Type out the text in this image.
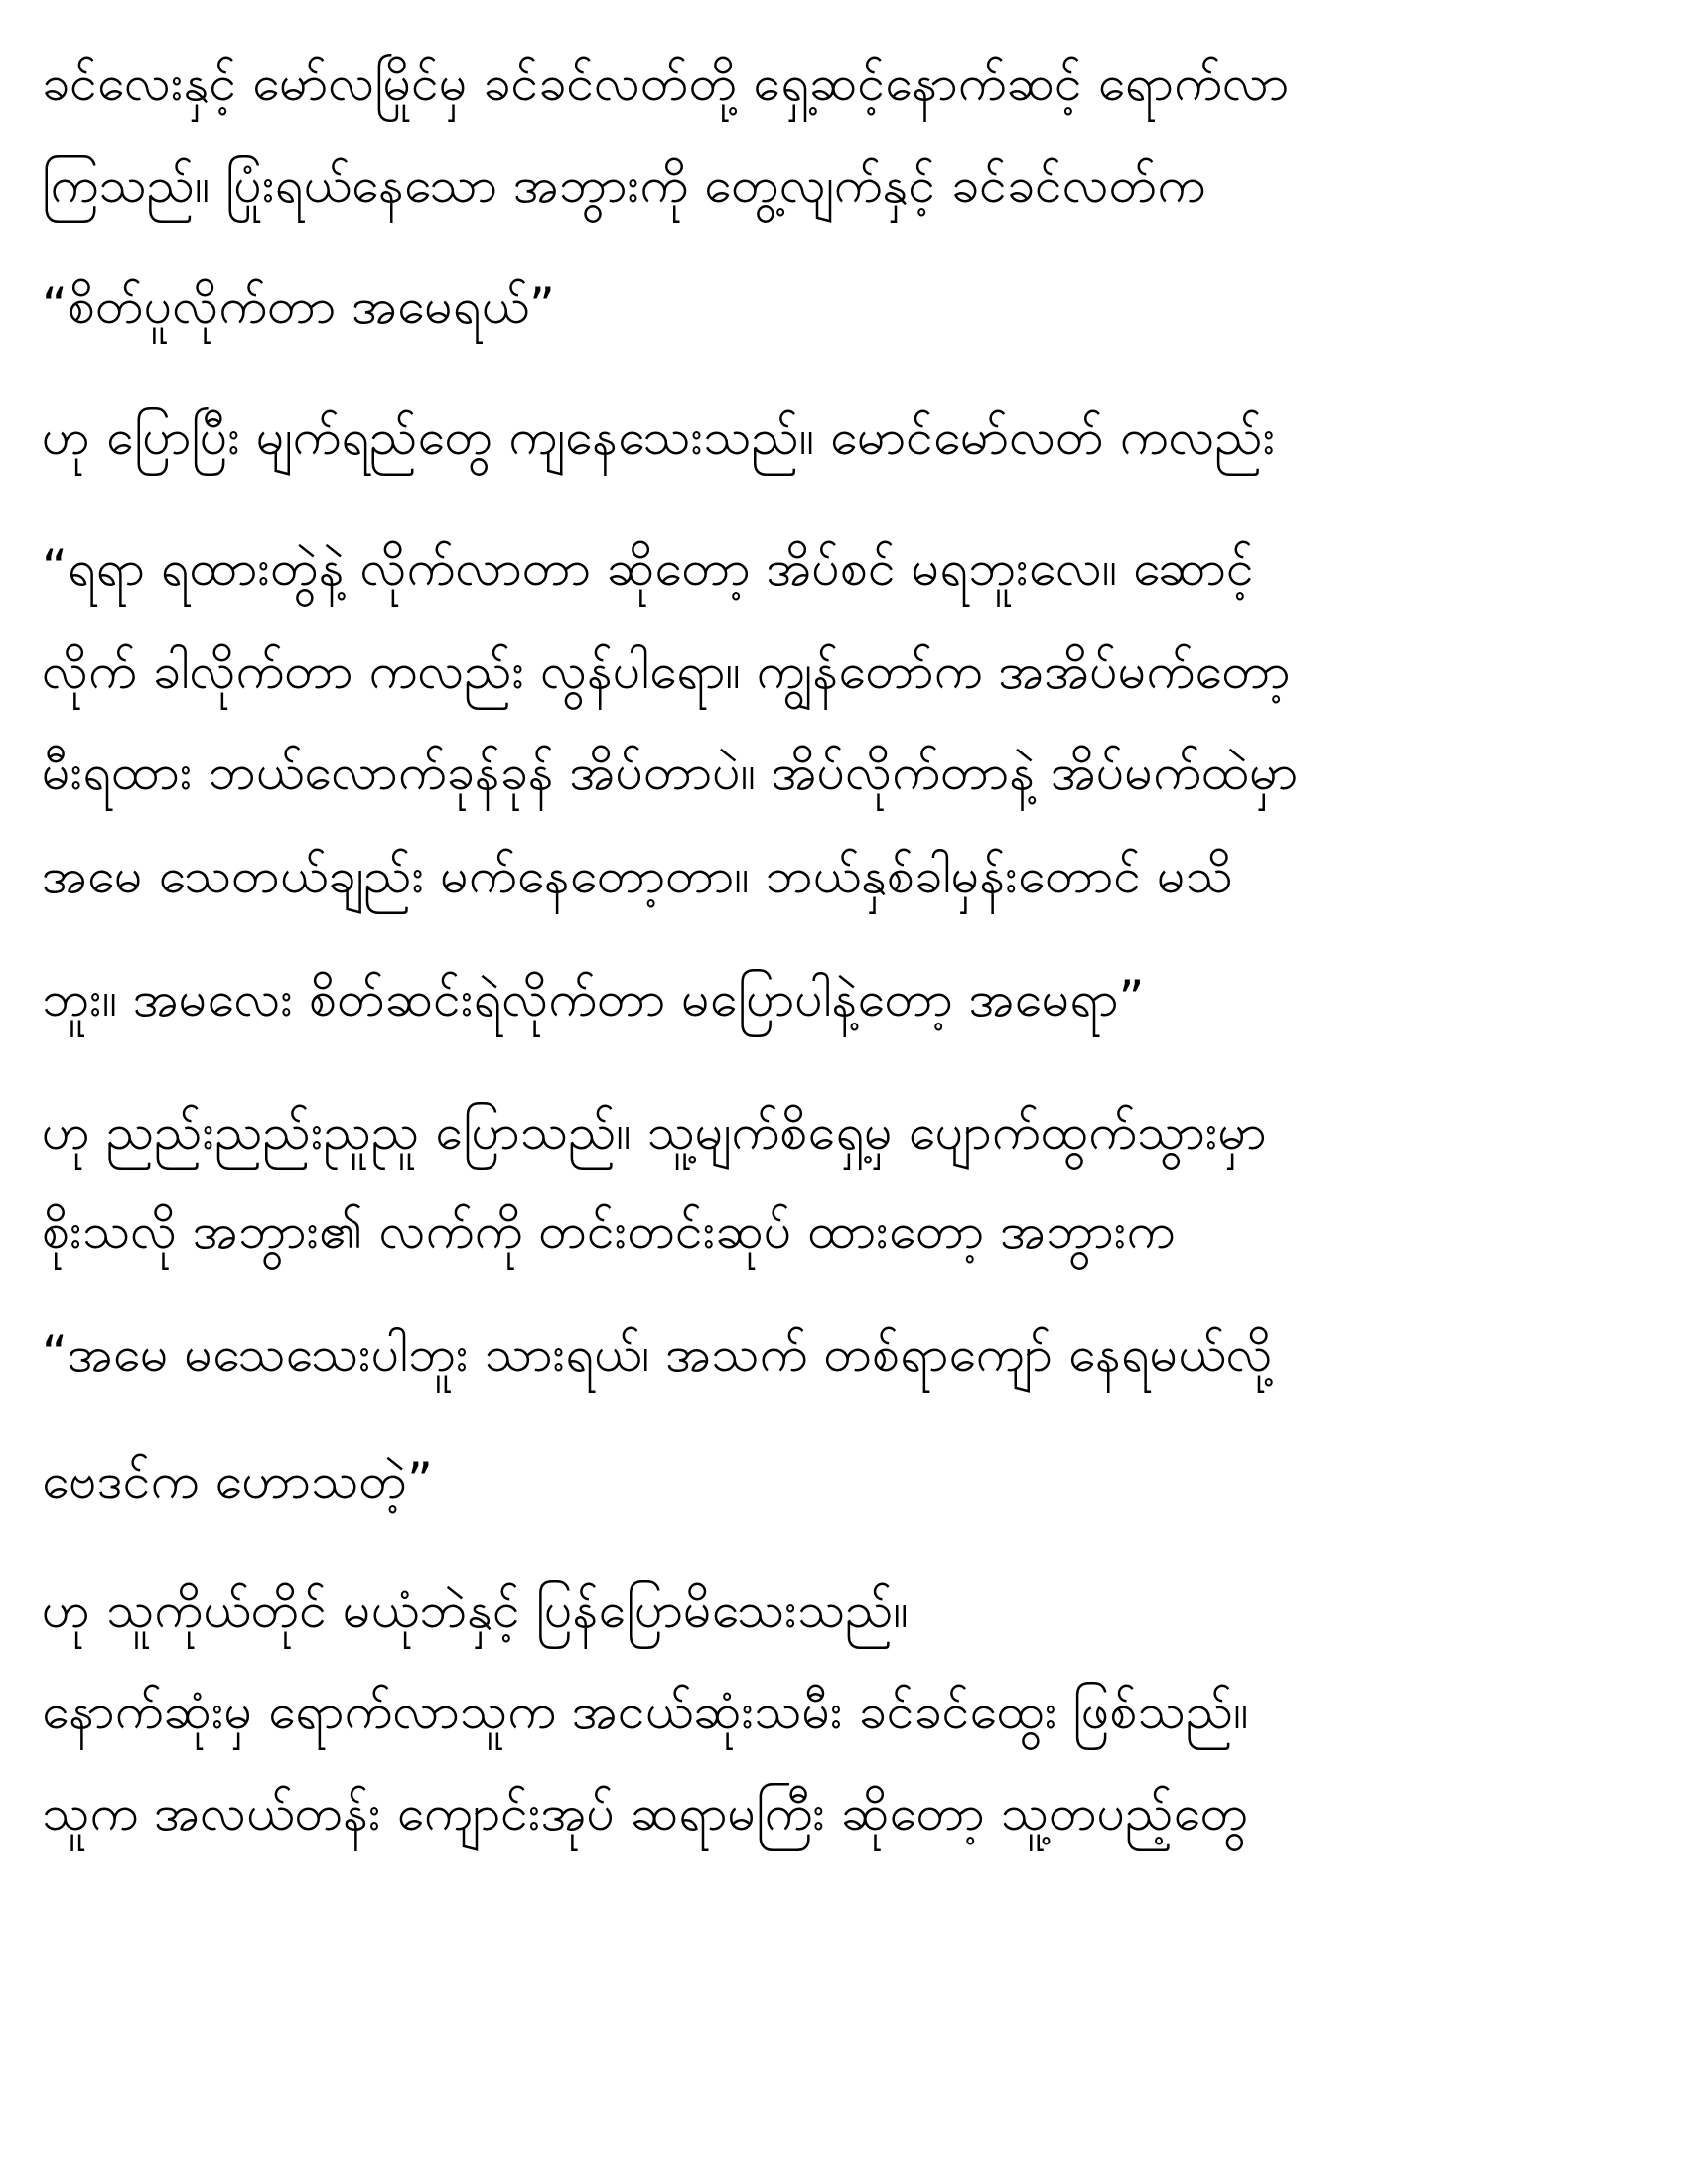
ခင်လေးနှင့် မော်လမြိုင်မှ ခင်ခင်လတ်တို့ ရှေ့ဆင့်နောက်ဆင့် ရောက်လာ
ကြသည်။ ပြုံးရယ်နေသော အဘွားကို တွေ့လျက်နှင့် ခင်ခင်လတ်က
“စိတ်ပူလိုက်တာ အမေရယ်”
ဟု ပြောပြီး မျက်ရည်တွေ ကျနေသေးသည်။ မောင်မော်လတ် ကလည်း
“ရရာ ရထားတွဲနဲ့ လိုက်လာတာ ဆိုတော့ အိပ်စင် မရဘူးလေ။ ဆောင့်
လိုက် ခါလိုက်တာ ကလည်း လွန်ပါရော။ ကျွန်တော်က အအိပ်မက်တော့
မီးရထား ဘယ်လောက်ခုန်ခုန် အိပ်တာပဲ။ အိပ်လိုက်တာနဲ့ အိပ်မက်ထဲမှာ
အမေ သေတယ်ချည်း မက်နေတော့တာ။ ဘယ်နှစ်ခါမှန်းတောင် မသိ
ဘူး။ အမလေး စိတ်ဆင်းရဲလိုက်တာ မပြောပါနဲ့တော့ အမေရာ”
ဟု ညည်းညည်းညူညူ ပြောသည်။ သူ့မျက်စိရှေ့မှ ပျောက်ထွက်သွားမှာ
စိုးသလို အဘွား၏ လက်ကို တင်းတင်းဆုပ် ထားတော့ အဘွားက
“အမေ မသေသေးပါဘူး သားရယ်၊ အသက် တစ်ရာကျော် နေရမယ်လို့
ဗေဒင်က ဟောသတဲ့”
ဟု သူကိုယ်တိုင် မယုံဘဲနှင့် ပြန်ပြောမိသေးသည်။
နောက်ဆုံးမှ ရောက်လာသူက အငယ်ဆုံးသမီး ခင်ခင်ထွေး ဖြစ်သည်။
သူက အလယ်တန်း ကျောင်းအုပ် ဆရာမကြီး ဆိုတော့ သူ့တပည့်တွေ
